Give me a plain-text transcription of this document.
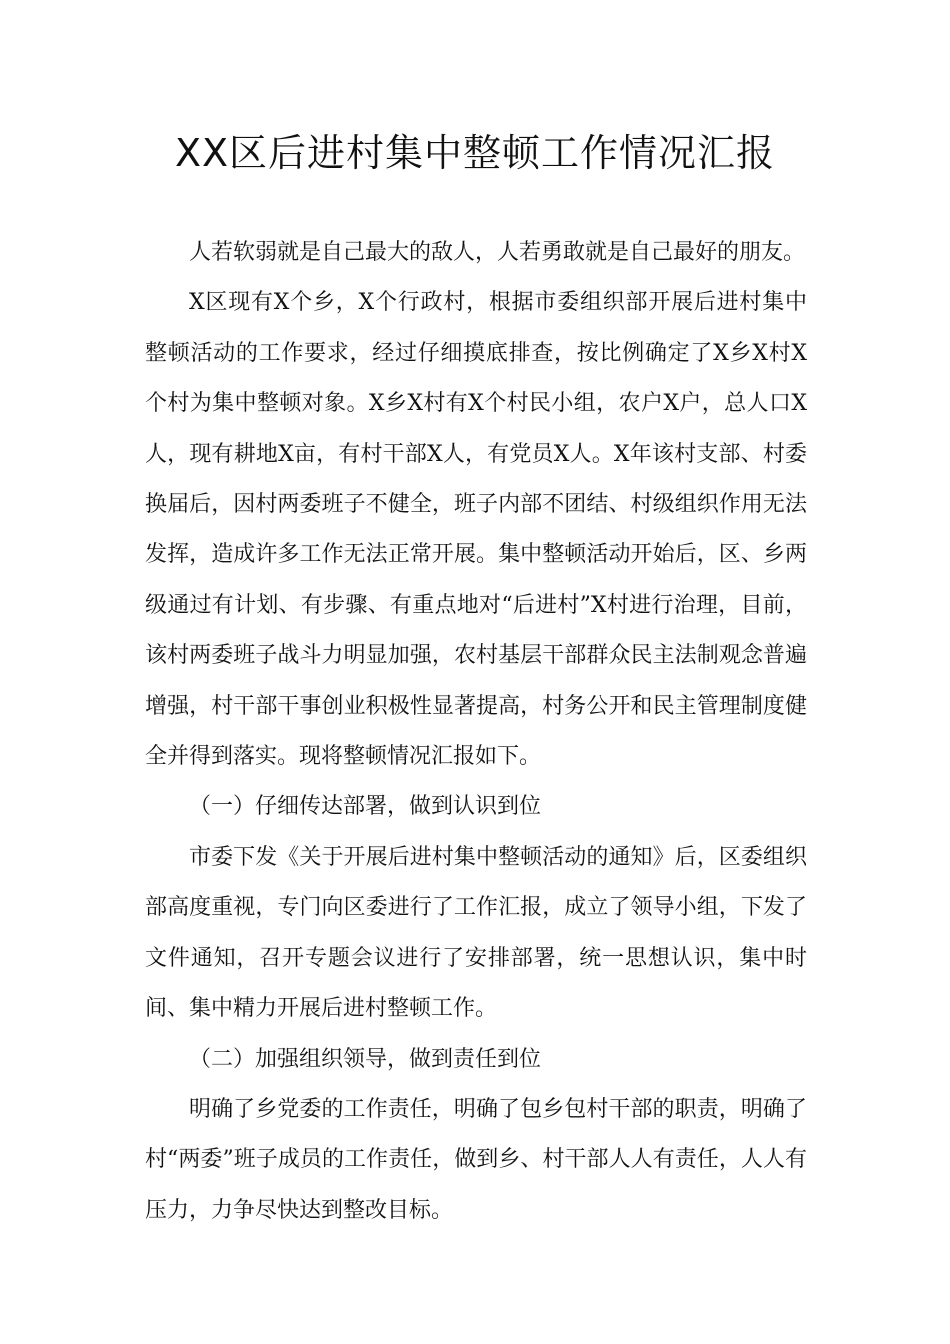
XX区后进村集中整顿工作情况汇报

人若软弱就是自己最大的敌人，人若勇敢就是自己最好的朋友。

X区现有X个乡，X个行政村，根据市委组织部开展后进村集中整顿活动的工作要求，经过仔细摸底排查，按比例确定了X乡X村X个村为集中整顿对象。X乡X村有X个村民小组，农户X户，总人口X人，现有耕地X亩，有村干部X人，有党员X人。X年该村支部、村委换届后，因村两委班子不健全，班子内部不团结、村级组织作用无法发挥，造成许多工作无法正常开展。集中整顿活动开始后，区、乡两级通过有计划、有步骤、有重点地对“后进村”X村进行治理，目前，该村两委班子战斗力明显加强，农村基层干部群众民主法制观念普遍增强，村干部干事创业积极性显著提高，村务公开和民主管理制度健全并得到落实。现将整顿情况汇报如下。

（一）仔细传达部署，做到认识到位

市委下发《关于开展后进村集中整顿活动的通知》后，区委组织部高度重视，专门向区委进行了工作汇报，成立了领导小组，下发了文件通知，召开专题会议进行了安排部署，统一思想认识，集中时间、集中精力开展后进村整顿工作。

（二）加强组织领导，做到责任到位

明确了乡党委的工作责任，明确了包乡包村干部的职责，明确了村“两委”班子成员的工作责任，做到乡、村干部人人有责任，人人有压力，力争尽快达到整改目标。
